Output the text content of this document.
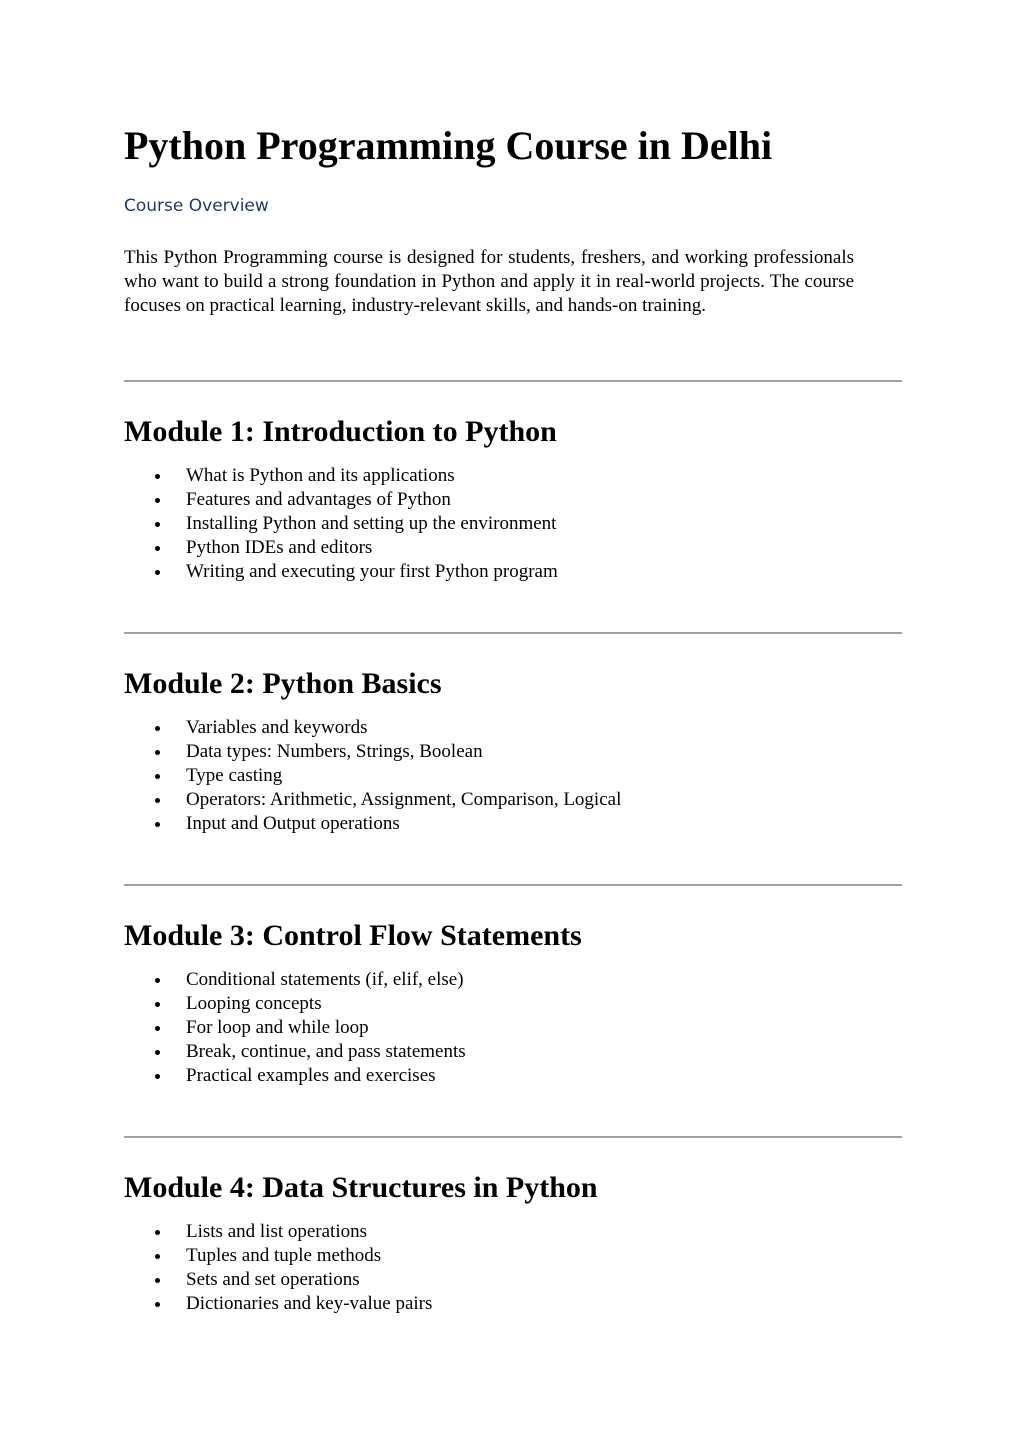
Python Programming Course in Delhi

Course Overview

This Python Programming course is designed for students, freshers, and working professionals who want to build a strong foundation in Python and apply it in real-world projects. The course focuses on practical learning, industry-relevant skills, and hands-on training.

Module 1: Introduction to Python
What is Python and its applications
Features and advantages of Python
Installing Python and setting up the environment
Python IDEs and editors
Writing and executing your first Python program
Module 2: Python Basics
Variables and keywords
Data types: Numbers, Strings, Boolean
Type casting
Operators: Arithmetic, Assignment, Comparison, Logical
Input and Output operations
Module 3: Control Flow Statements
Conditional statements (if, elif, else)
Looping concepts
For loop and while loop
Break, continue, and pass statements
Practical examples and exercises
Module 4: Data Structures in Python
Lists and list operations
Tuples and tuple methods
Sets and set operations
Dictionaries and key-value pairs
